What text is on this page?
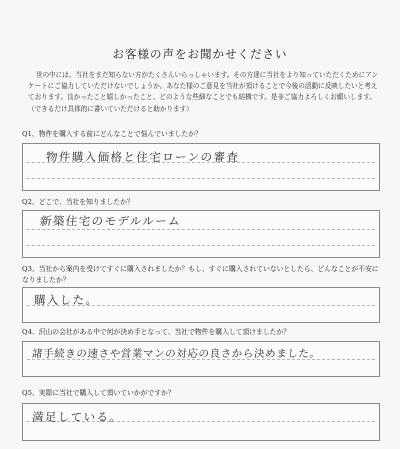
お客様の声をお聞かせください
世の中には、当社をまだ知らない方がたくさんいらっしゃいます。その方達に当社をより知っていただくためにアンケートにご協力していただけないでしょうか。あなた様のご意見を当社が頂けることで今後の活動に反映したいと考えております。良かったこと嬉しかったこと、どのような些細なことでも結構です。是非ご協力よろしくお願いします。（できるだけ具体的に書いていただけると助かります）
Q1、物件を購入する前にどんなことで悩んでいましたか？
物件購入価格と住宅ローンの審査
Q2、どこで、当社を知りましたか？
新築住宅のモデルルーム
Q3、当社から案内を受けてすぐに購入されましたか？もし、すぐに購入されていないとしたら、どんなことが不安になりましたか？
購入した。
Q4、沢山の会社がある中で何が決め手となって、当社で物件を購入して頂けましたか？
諸手続きの速さや営業マンの対応の良さから決めました。
Q5、実際に当社で購入して頂いていかがですか？
満足している。
